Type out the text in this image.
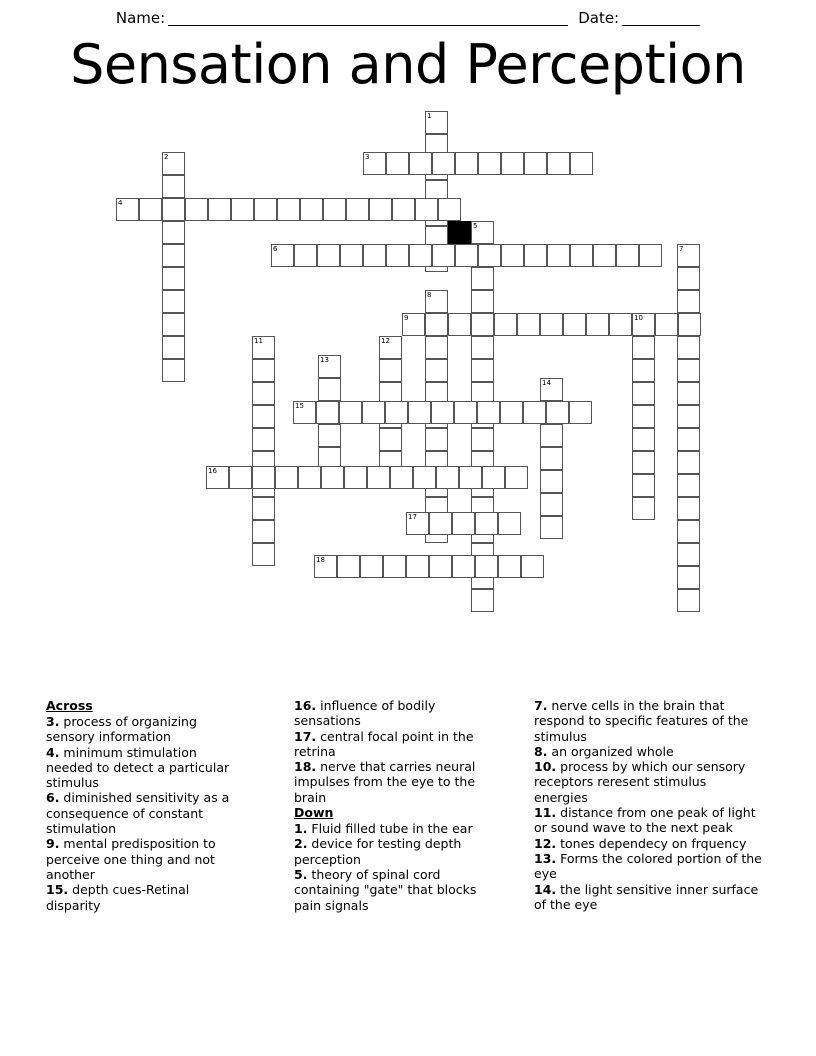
Name:	Date:
Sensation and Perception
1
2	3
4
5
6	7
8
9	10
11	12
13
14
15
16
17
18
Across
3. process of organizing sensory information
4. minimum stimulation needed to detect a particular stimulus
6. diminished sensitivity as a consequence of constant stimulation
9. mental predisposition to perceive one thing and not another
15. depth cues-Retinal disparity
16. influence of bodily sensations
17. central focal point in the retrina
18. nerve that carries neural impulses from the eye to the brain
Down
1. Fluid filled tube in the ear
2. device for testing depth perception
5. theory of spinal cord containing "gate" that blocks pain signals
7. nerve cells in the brain that respond to specific features of the stimulus
8. an organized whole
10. process by which our sensory receptors reresent stimulus energies
11. distance from one peak of light or sound wave to the next peak
12. tones dependecy on frquency
13. Forms the colored portion of the eye
14. the light sensitive inner surface of the eye
